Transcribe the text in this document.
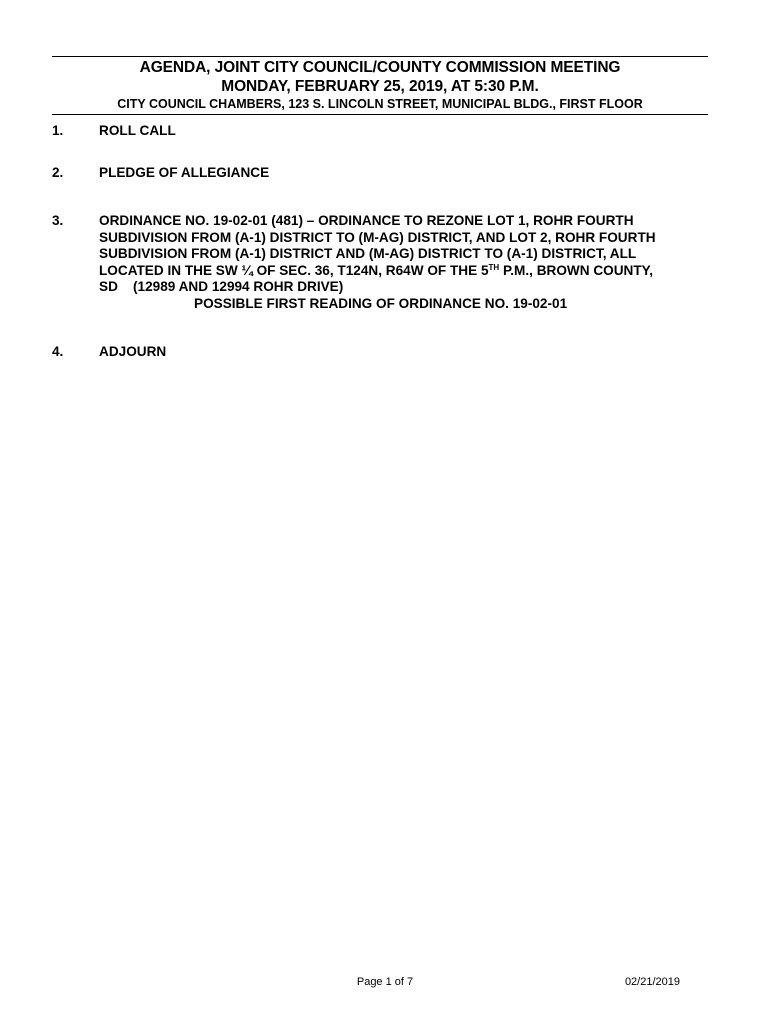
AGENDA, JOINT CITY COUNCIL/COUNTY COMMISSION MEETING
MONDAY, FEBRUARY 25, 2019, AT 5:30 P.M.
CITY COUNCIL CHAMBERS, 123 S. LINCOLN STREET, MUNICIPAL BLDG., FIRST FLOOR
1.	ROLL CALL
2.	PLEDGE OF ALLEGIANCE
3.	ORDINANCE NO. 19-02-01 (481) – ORDINANCE TO REZONE LOT 1, ROHR FOURTH
SUBDIVISION FROM (A-1) DISTRICT TO (M-AG) DISTRICT, AND LOT 2, ROHR FOURTH
SUBDIVISION FROM (A-1) DISTRICT AND (M-AG) DISTRICT TO (A-1) DISTRICT, ALL
LOCATED IN THE SW ¼ OF SEC. 36, T124N, R64W OF THE 5TH P.M., BROWN COUNTY,
SD    (12989 AND 12994 ROHR DRIVE)
POSSIBLE FIRST READING OF ORDINANCE NO. 19-02-01
4.	ADJOURN
Page 1 of 7	02/21/2019
